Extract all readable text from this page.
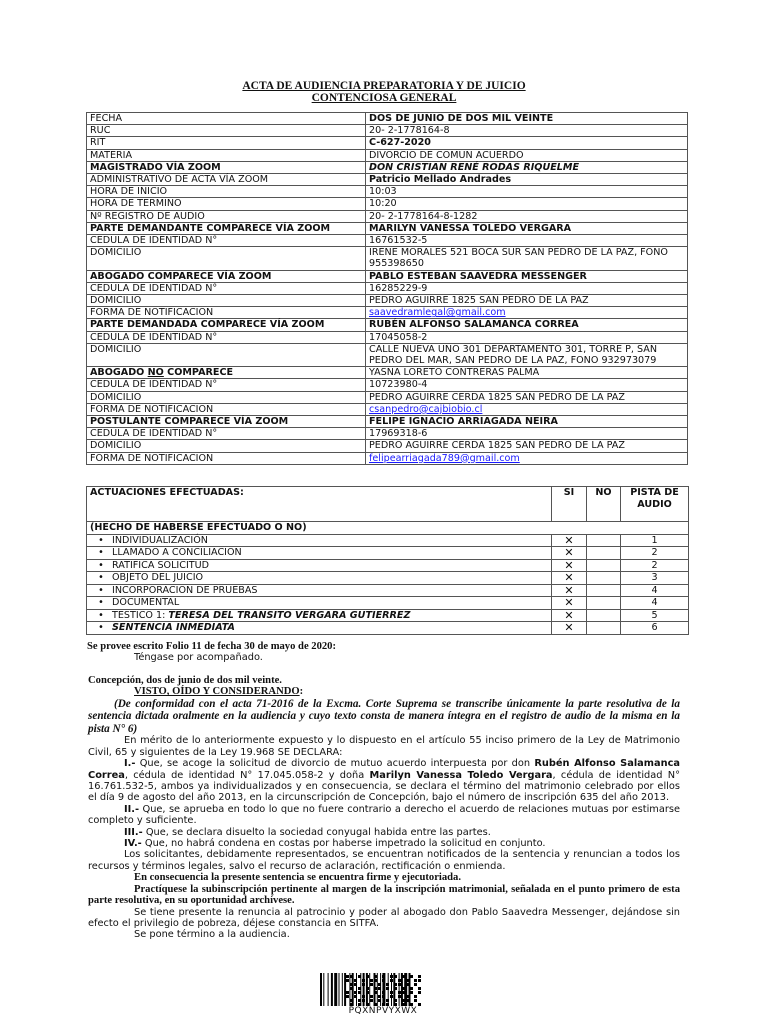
ACTA DE AUDIENCIA PREPARATORIA Y DE JUICIO
CONTENCIOSA GENERAL
FECHA	DOS DE JUNIO DE DOS MIL VEINTE
RUC	20- 2-1778164-8
RIT	C-627-2020
MATERIA	DIVORCIO DE COMUN ACUERDO
MAGISTRADO VÍA ZOOM	DON CRISTIAN RENÉ RODAS RIQUELME
ADMINISTRATIVO DE ACTA VÍA ZOOM	Patricio Mellado Andrades
HORA DE INICIO	10:03
HORA DE TERMINO	10:20
Nº REGISTRO DE AUDIO	20- 2-1778164-8-1282
PARTE DEMANDANTE COMPARECE VÍA ZOOM	MARILYN VANESSA TOLEDO VERGARA
CEDULA DE IDENTIDAD N°	16761532-5
DOMICILIO	IRENE MORALES 521 BOCA SUR SAN PEDRO DE LA PAZ, FONO 955398650
ABOGADO COMPARECE VÍA ZOOM	PABLO ESTEBAN SAAVEDRA MESSENGER
CEDULA DE IDENTIDAD N°	16285229-9
DOMICILIO	PEDRO AGUIRRE 1825 SAN PEDRO DE LA PAZ
FORMA DE NOTIFICACION	saavedramlegal@gmail.com
PARTE DEMANDADA COMPARECE VÍA ZOOM	RUBÉN ALFONSO SALAMANCA CORREA
CEDULA DE IDENTIDAD N°	17045058-2
DOMICILIO	CALLE NUEVA UNO 301 DEPARTAMENTO 301, TORRE P, SAN PEDRO DEL MAR, SAN PEDRO DE LA PAZ, FONO 932973079
ABOGADO NO COMPARECE	YASNA LORETO CONTRERAS PALMA
CEDULA DE IDENTIDAD N°	10723980-4
DOMICILIO	PEDRO AGUIRRE CERDA 1825 SAN PEDRO DE LA PAZ
FORMA DE NOTIFICACION	csanpedro@cajbiobio.cl
POSTULANTE COMPARECE VÍA ZOOM	FELIPE IGNACIO ARRIAGADA NEIRA
CEDULA DE IDENTIDAD N°	17969318-6
DOMICILIO	PEDRO AGUIRRE CERDA 1825 SAN PEDRO DE LA PAZ
FORMA DE NOTIFICACION	felipearriagada789@gmail.com
ACTUACIONES EFECTUADAS:	SI	NO	PISTA DE AUDIO
(HECHO DE HABERSE EFECTUADO O NO)			
• INDIVIDUALIZACIÓN	✕		1
• LLAMADO A CONCILIACION	✕		2
• RATIFICA SOLICITUD	✕		2
• OBJETO DEL JUICIO	✕		3
• INCORPORACION DE PRUEBAS	✕		4
• DOCUMENTAL	✕		4
• TESTICO 1: TERESA DEL TRANSITO VERGARA GUTIERREZ	✕		5
• SENTENCIA INMEDIATA	✕		6

Se provee escrito Folio 11 de fecha 30 de mayo de 2020:

Téngase por acompañado.

Concepción, dos de junio de dos mil veinte.

VISTO, OÍDO Y CONSIDERANDO:

(De conformidad con el acta 71-2016 de la Excma. Corte Suprema se transcribe únicamente la parte resolutiva de la sentencia dictada oralmente en la audiencia y cuyo texto consta de manera íntegra en el registro de audio de la misma en la pista N° 6)

En mérito de lo anteriormente expuesto y lo dispuesto en el artículo 55 inciso primero de la Ley de Matrimonio Civil, 65 y siguientes de la Ley 19.968 SE DECLARA:

I.- Que, se acoge la solicitud de divorcio de mutuo acuerdo interpuesta por don Rubén Alfonso Salamanca Correa, cédula de identidad N° 17.045.058-2 y doña Marilyn Vanessa Toledo Vergara, cédula de identidad N° 16.761.532-5, ambos ya individualizados y en consecuencia, se declara el término del matrimonio celebrado por ellos el día 9 de agosto del año 2013, en la circunscripción de Concepción, bajo el número de inscripción 635 del año 2013.

II.- Que, se aprueba en todo lo que no fuere contrario a derecho el acuerdo de relaciones mutuas por estimarse completo y suficiente.

III.- Que, se declara disuelto la sociedad conyugal habida entre las partes.

IV.- Que, no habrá condena en costas por haberse impetrado la solicitud en conjunto.

Los solicitantes, debidamente representados, se encuentran notificados de la sentencia y renuncian a todos los recursos y términos legales, salvo el recurso de aclaración, rectificación o enmienda.

En consecuencia la presente sentencia se encuentra firme y ejecutoriada.

Practíquese la subinscripción pertinente al margen de la inscripción matrimonial, señalada en el punto primero de esta parte resolutiva, en su oportunidad archívese.

Se tiene presente la renuncia al patrocinio y poder al abogado don Pablo Saavedra Messenger, dejándose sin efecto el privilegio de pobreza, déjese constancia en SITFA.

Se pone término a la audiencia.

PQXNPVYXWX
